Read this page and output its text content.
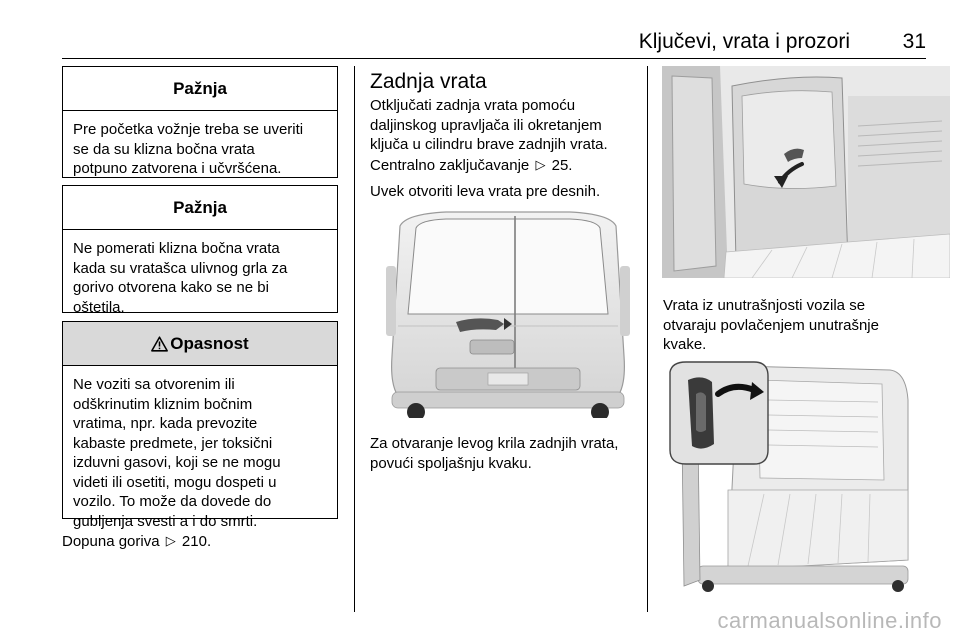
Ključevi, vrata i prozori	31
Pažnja
Pre početka vožnje treba se uveriti
se da su klizna bočna vrata
potpuno zatvorena i učvršćena.
Pažnja
Ne pomerati klizna bočna vrata
kada su vratašca ulivnog grla za
gorivo otvorena kako se ne bi
oštetila.
Opasnost
Ne voziti sa otvorenim ili
odškrinutim kliznim bočnim
vratima, npr. kada prevozite
kabaste predmete, jer toksični
izduvni gasovi, koji se ne mogu
videti ili osetiti, mogu dospeti u
vozilo. To može da dovede do
gubljenja svesti a i do smrti.
Dopuna goriva ▷ 210.
Zadnja vrata
Otključati zadnja vrata pomoću
daljinskog upravljača ili okretanjem
ključa u cilindru brave zadnjih vrata.
Centralno zaključavanje ▷ 25.
Uvek otvoriti leva vrata pre desnih.
Za otvaranje levog krila zadnjih vrata,
povući spoljašnju kvaku.
Vrata iz unutrašnjosti vozila se
otvaraju povlačenjem unutrašnje
kvake.
carmanualsonline.info
